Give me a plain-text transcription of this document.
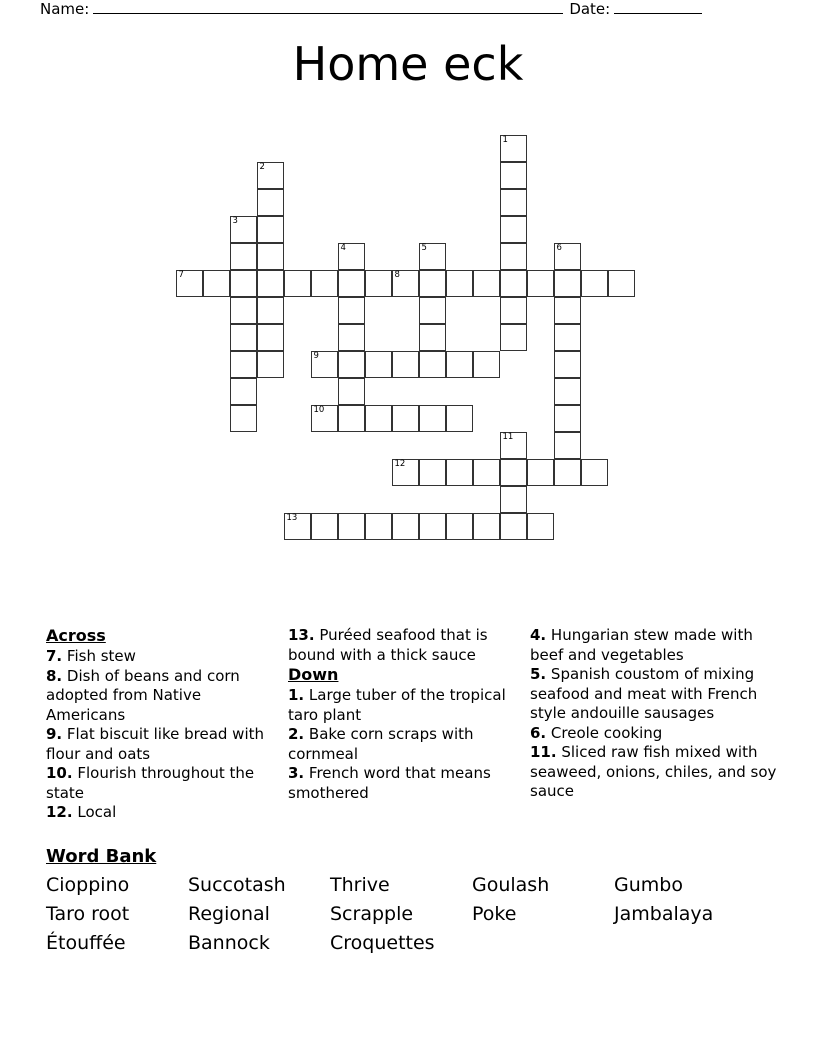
Name:	Date:
Home eck
1
2
3
4	5	6
7	8
9
10
11
12
13
Across

7. Fish stew

8. Dish of beans and corn adopted from Native Americans

9. Flat biscuit like bread with flour and oats

10. Flourish throughout the state

12. Local

13. Puréed seafood that is bound with a thick sauce

Down

1. Large tuber of the tropical taro plant

2. Bake corn scraps with cornmeal

3. French word that means smothered

4. Hungarian stew made with beef and vegetables

5. Spanish coustom of mixing seafood and meat with French style andouille sausages

6. Creole cooking

11. Sliced raw fish mixed with seaweed, onions, chiles, and soy sauce

Word Bank
Cioppino	Succotash	Thrive	Goulash	Gumbo
Taro root	Regional	Scrapple	Poke	Jambalaya
Étouffée	Bannock	Croquettes
